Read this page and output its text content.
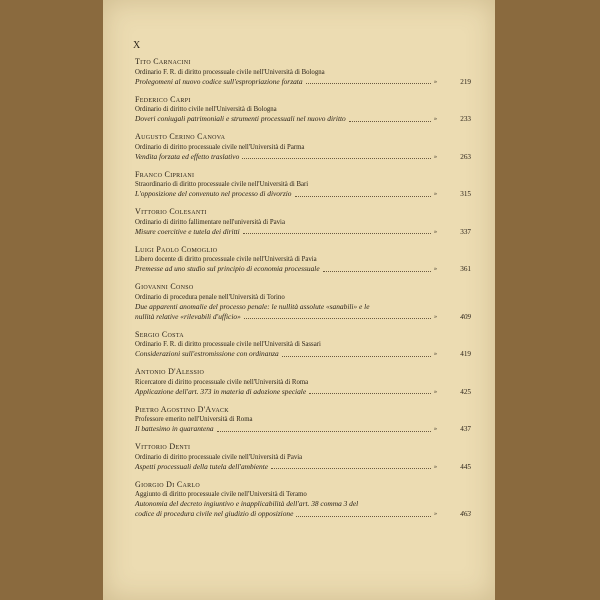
X
Tito Carnacini
Ordinario F. R. di diritto processuale civile nell'Università di Bologna
Prolegomeni al nuovo codice sull'espropriazione forzata	»	219
Federico Carpi
Ordinario di diritto civile nell'Università di Bologna
Doveri coniugali patrimoniali e strumenti processuali nel nuovo diritto	»	233
Augusto Cerino Canova
Ordinario di diritto processuale civile nell'Università di Parma
Vendita forzata ed effetto traslativo	»	263
Franco Cipriani
Straordinario di diritto processuale civile nell'Università di Bari
L'opposizione del convenuto nel processo di divorzio	»	315
Vittorio Colesanti
Ordinario di diritto fallimentare nell'università di Pavia
Misure coercitive e tutela dei diritti	»	337
Luigi Paolo Comoglio
Libero docente di diritto processuale civile nell'Università di Pavia
Premesse ad uno studio sul principio di economia processuale	»	361
Giovanni Conso
Ordinario di procedura penale nell'Università di Torino
Due apparenti anomalie del processo penale: le nullità assolute «sanabili» e le
nullità relative «rilevabili d'ufficio»	»	409
Sergio Costa
Ordinario F. R. di diritto processuale civile nell'Università di Sassari
Considerazioni sull'estromissione con ordinanza	»	419
Antonio D'Alessio
Ricercatore di diritto processuale civile nell'Università di Roma
Applicazione dell'art. 373 in materia di adozione speciale	»	425
Pietro Agostino D'Avack
Professore emerito nell'Università di Roma
Il battesimo in quarantena	»	437
Vittorio Denti
Ordinario di diritto processuale civile nell'Università di Pavia
Aspetti processuali della tutela dell'ambiente	»	445
Giorgio Di Carlo
Aggiunto di diritto processuale civile nell'Università di Teramo
Autonomia del decreto ingiuntivo e inapplicabilità dell'art. 38 comma 3 del
codice di procedura civile nel giudizio di opposizione	»	463
